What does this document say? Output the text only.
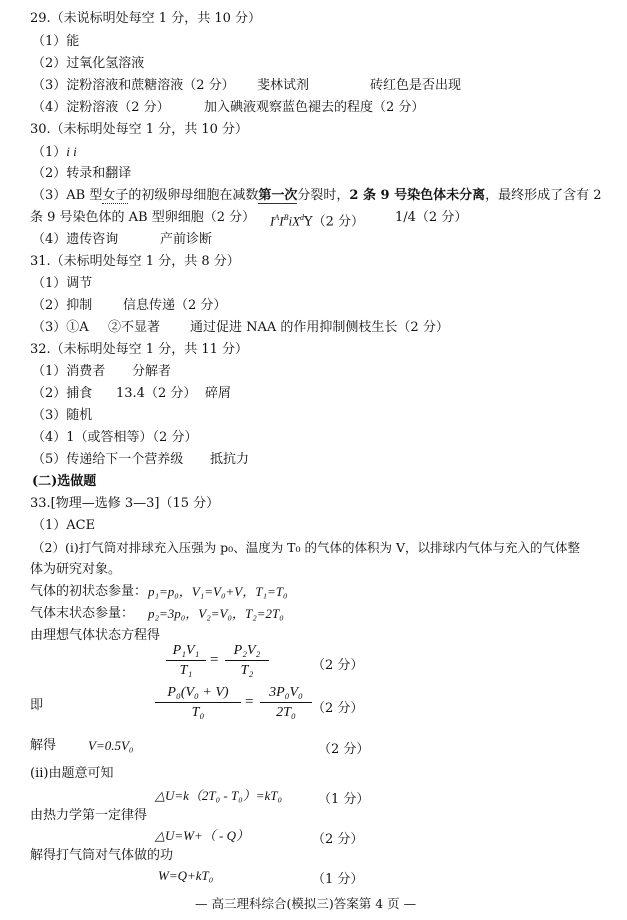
29.（未说标明处每空 1 分，共 10 分）
（1）能
（2）过氧化氢溶液
（3）淀粉溶液和蔗糖溶液（2 分） 斐林试剂	砖红色是否出现
（4）淀粉溶液（2 分）	加入碘液观察蓝色褪去的程度（2 分）
30.（未标明处每空 1 分，共 10 分）
（1）i i
（2）转录和翻译
（3）AB 型女子的初级卵母细胞在减数第一次分裂时，2 条 9 号染色体未分离，最终形成了含有 2
条 9 号染色体的 AB 型卵细胞（2 分） $I^AI^BiX^dY(2$ 分） 1/4（2 分）
（4）遗传咨询	产前诊断
31.（未标明处每空 1 分，共 8 分）
（1）调节
（2）抑制 信息传递（2 分）
（3）①A ②不显著 通过促进 NAA 的作用抑制侧枝生长（2 分）
32.（未标明处每空 1 分，共 11 分）
（1）消费者 分解者
（2）捕食 13.4（2 分） 碎屑
（3）随机
（4）1（或答相等）（2 分）
（5）传递给下一个营养级 抵抗力
(二)选做题
33.[物理—选修 3—3]（15 分）
（1）ACE
（2）(i)打气筒对排球充入压强为 p₀、温度为 T₀ 的气体的体积为 V，以排球内气体与充入的气体整
体为研究对象。
气体的初状态参量： p₁=p₀，V₁=V₀+V，T₁=T₀
气体末状态参量： p₂=3p₀，V₂=V₀，T₂=2T₀
由理想气体状态方程得
P₁V₁
T₁
=
P₂V₂
T₂	（2 分）
即
P₀(V₀ + V)
T₀
=
3P₀V₀
2T₀	（2 分）
解得 V=0.5V₀	（2 分）
(ii)由题意可知
△U=k（2T₀ - T₀）=kT₀	（1 分）
由热力学第一定律得
△U=W+（ - Q）	（2 分）
解得打气筒对气体做的功
W=Q+kT₀	（1 分）
— 高三理科综合(模拟三)答案第 4 页 —
